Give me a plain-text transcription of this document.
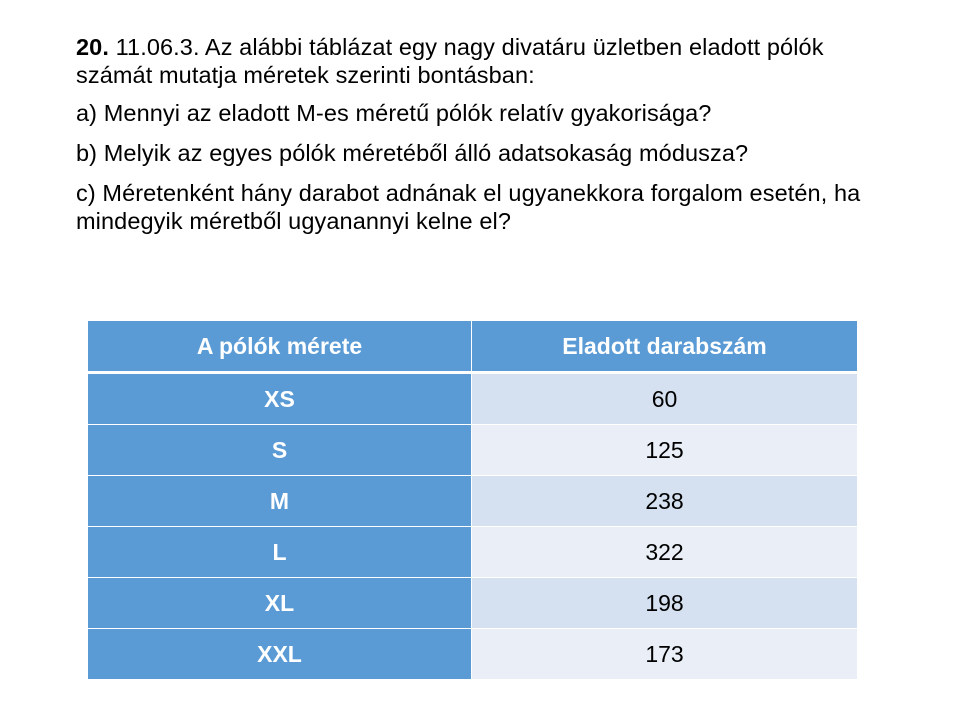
20. 11.06.3. Az alábbi táblázat egy nagy divatáru üzletben eladott pólók számát mutatja méretek szerinti bontásban:

a) Mennyi az eladott M-es méretű pólók relatív gyakorisága?

b) Melyik az egyes pólók méretéből álló adatsokaság módusza?

c) Méretenként hány darabot adnának el ugyanekkora forgalom esetén, ha mindegyik méretből ugyanannyi kelne el?

A pólók mérete	Eladott darabszám
XS	60
S	125
M	238
L	322
XL	198
XXL	173
